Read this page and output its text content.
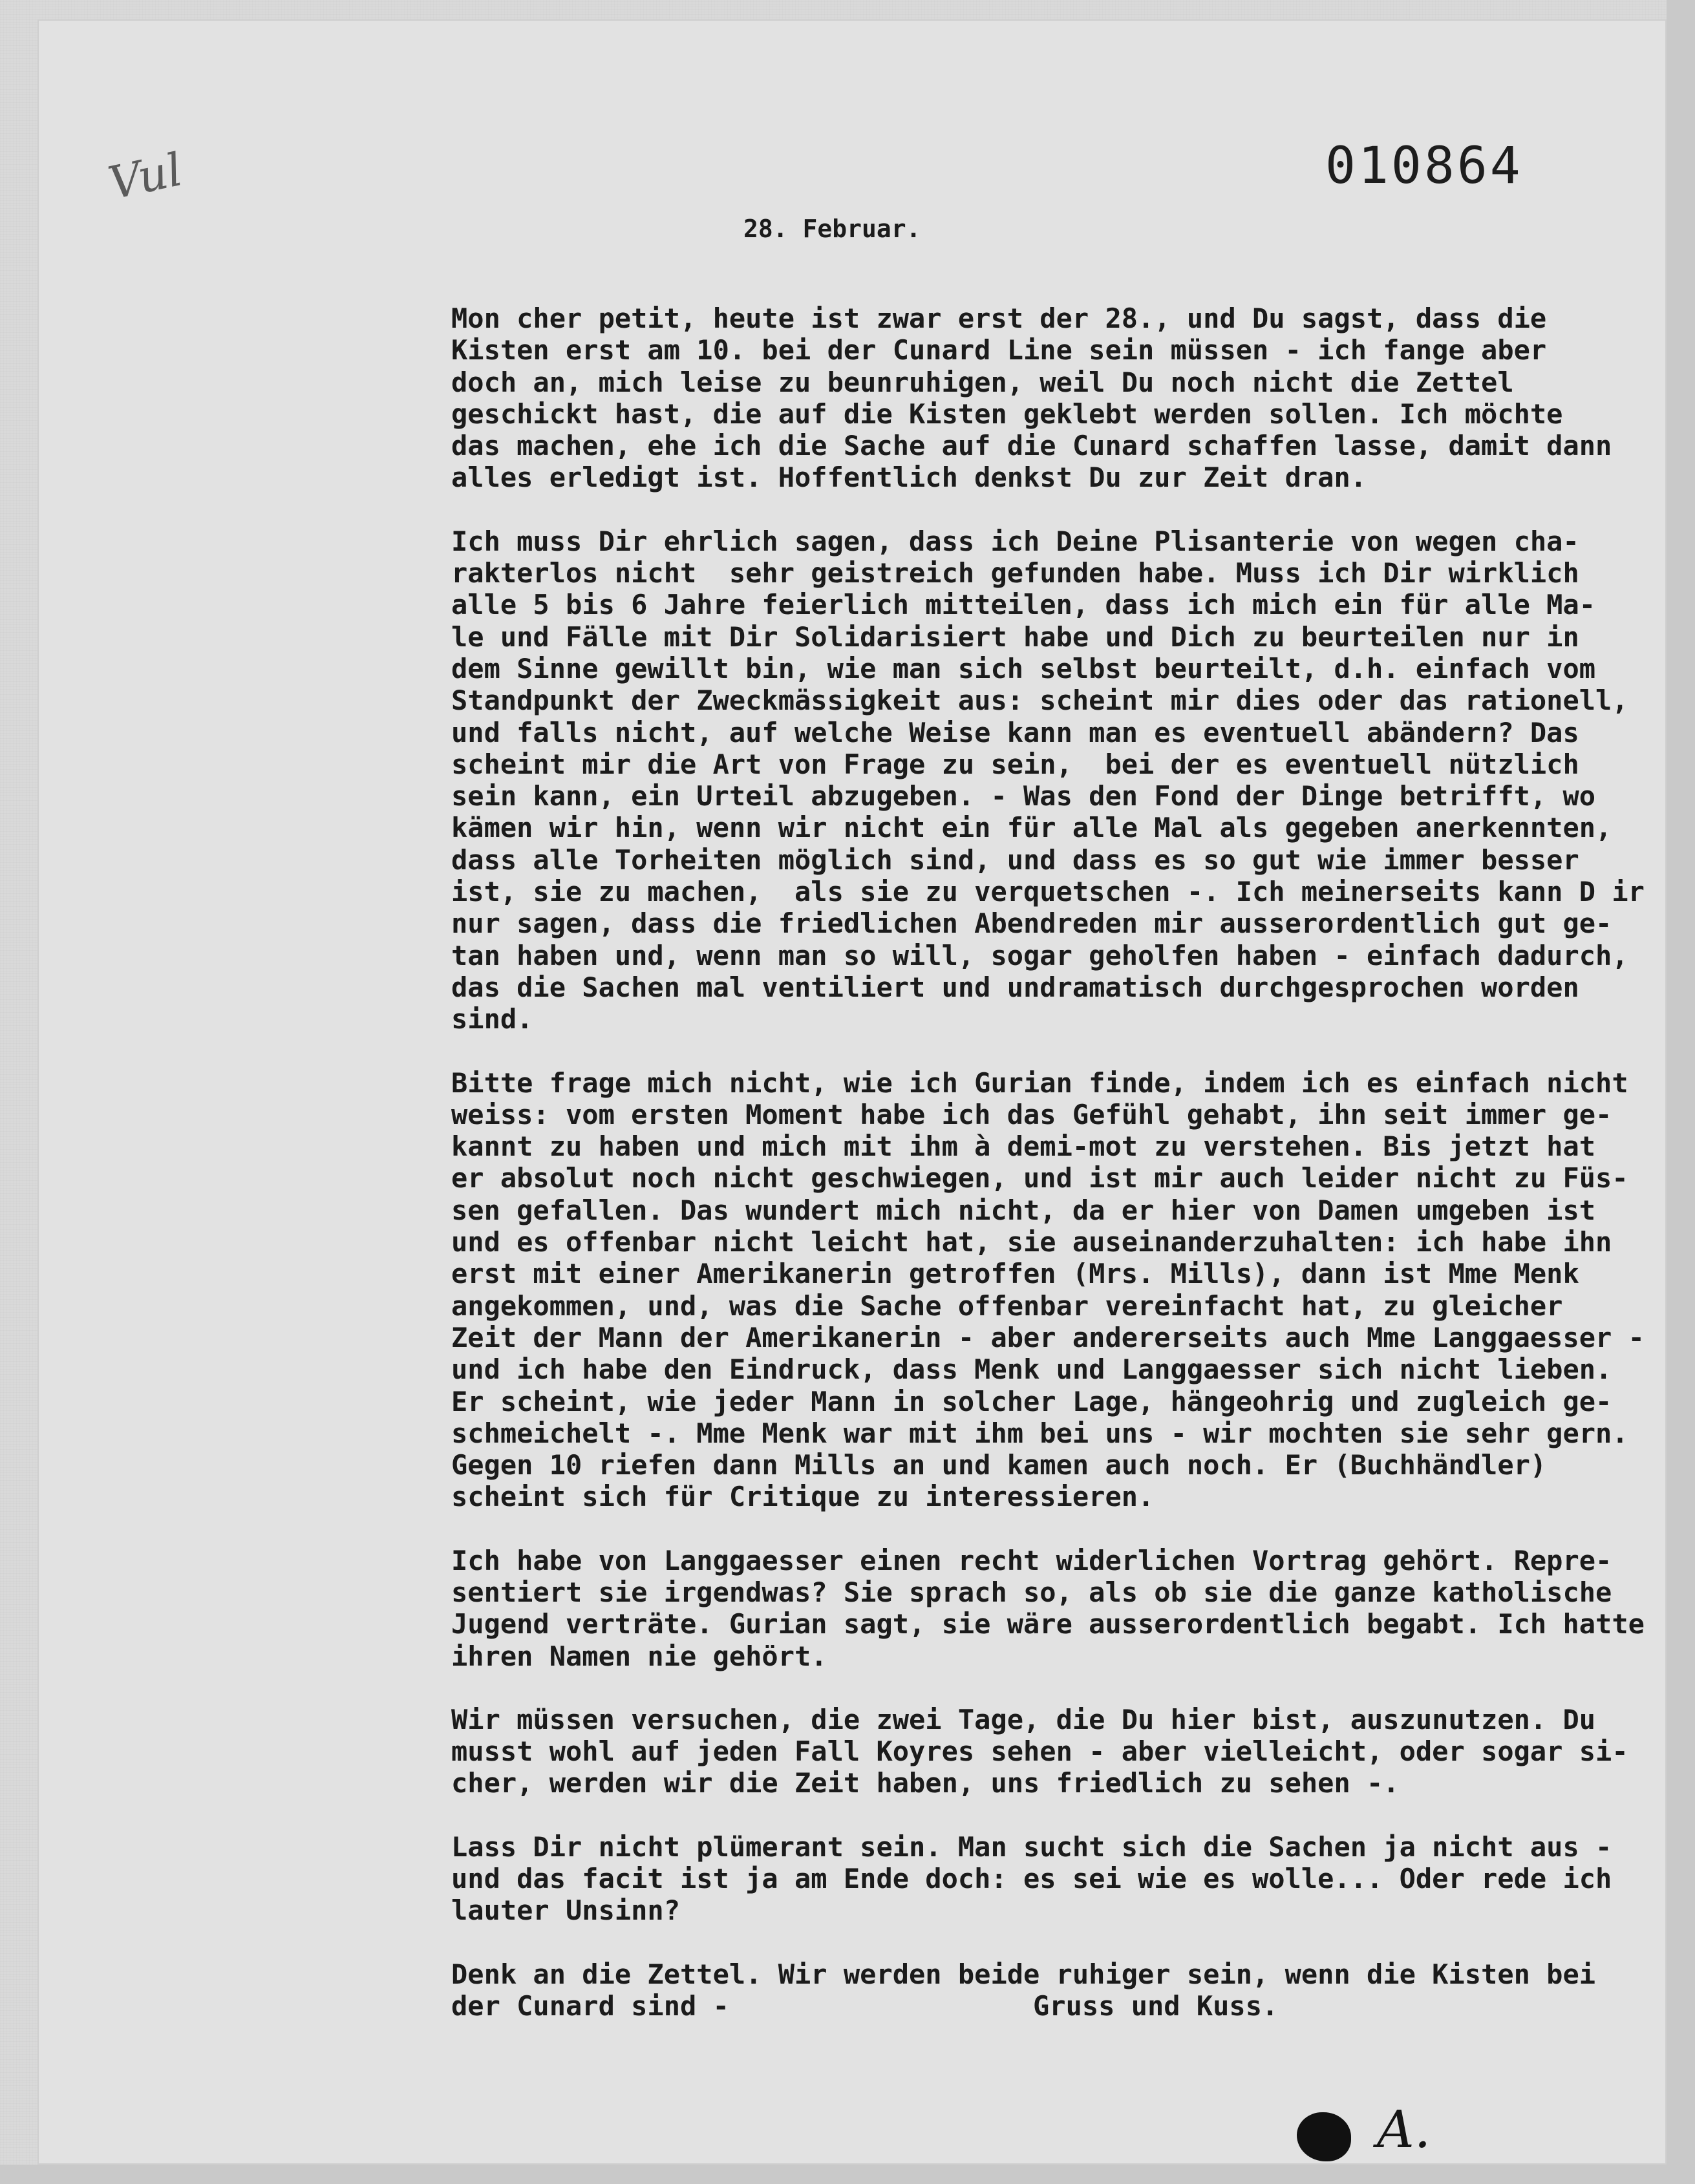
Vul	010864
28. Februar.
Mon cher petit, heute ist zwar erst der 28., und Du sagst, dass die
Kisten erst am 10. bei der Cunard Line sein müssen - ich fange aber
doch an, mich leise zu beunruhigen, weil Du noch nicht die Zettel
geschickt hast, die auf die Kisten geklebt werden sollen. Ich möchte
das machen, ehe ich die Sache auf die Cunard schaffen lasse, damit dann
alles erledigt ist. Hoffentlich denkst Du zur Zeit dran.
Ich muss Dir ehrlich sagen, dass ich Deine Plisanterie von wegen cha-
rakterlos nicht  sehr geistreich gefunden habe. Muss ich Dir wirklich
alle 5 bis 6 Jahre feierlich mitteilen, dass ich mich ein für alle Ma-
le und Fälle mit Dir Solidarisiert habe und Dich zu beurteilen nur in
dem Sinne gewillt bin, wie man sich selbst beurteilt, d.h. einfach vom
Standpunkt der Zweckmässigkeit aus: scheint mir dies oder das rationell,
und falls nicht, auf welche Weise kann man es eventuell abändern? Das
scheint mir die Art von Frage zu sein,  bei der es eventuell nützlich
sein kann, ein Urteil abzugeben. - Was den Fond der Dinge betrifft, wo
kämen wir hin, wenn wir nicht ein für alle Mal als gegeben anerkennten,
dass alle Torheiten möglich sind, und dass es so gut wie immer besser
ist, sie zu machen,  als sie zu verquetschen -. Ich meinerseits kann D ir
nur sagen, dass die friedlichen Abendreden mir ausserordentlich gut ge-
tan haben und, wenn man so will, sogar geholfen haben - einfach dadurch,
das die Sachen mal ventiliert und undramatisch durchgesprochen worden
sind.
Bitte frage mich nicht, wie ich Gurian finde, indem ich es einfach nicht
weiss: vom ersten Moment habe ich das Gefühl gehabt, ihn seit immer ge-
kannt zu haben und mich mit ihm à demi-mot zu verstehen. Bis jetzt hat
er absolut noch nicht geschwiegen, und ist mir auch leider nicht zu Füs-
sen gefallen. Das wundert mich nicht, da er hier von Damen umgeben ist
und es offenbar nicht leicht hat, sie auseinanderzuhalten: ich habe ihn
erst mit einer Amerikanerin getroffen (Mrs. Mills), dann ist Mme Menk
angekommen, und, was die Sache offenbar vereinfacht hat, zu gleicher
Zeit der Mann der Amerikanerin - aber andererseits auch Mme Langgaesser -
und ich habe den Eindruck, dass Menk und Langgaesser sich nicht lieben.
Er scheint, wie jeder Mann in solcher Lage, hängeohrig und zugleich ge-
schmeichelt -. Mme Menk war mit ihm bei uns - wir mochten sie sehr gern.
Gegen 10 riefen dann Mills an und kamen auch noch. Er (Buchhändler)
scheint sich für Critique zu interessieren.
Ich habe von Langgaesser einen recht widerlichen Vortrag gehört. Repre-
sentiert sie irgendwas? Sie sprach so, als ob sie die ganze katholische
Jugend verträte. Gurian sagt, sie wäre ausserordentlich begabt. Ich hatte
ihren Namen nie gehört.
Wir müssen versuchen, die zwei Tage, die Du hier bist, auszunutzen. Du
musst wohl auf jeden Fall Koyres sehen - aber vielleicht, oder sogar si-
cher, werden wir die Zeit haben, uns friedlich zu sehen -.
Lass Dir nicht plümerant sein. Man sucht sich die Sachen ja nicht aus -
und das facit ist ja am Ende doch: es sei wie es wolle... Oder rede ich
lauter Unsinn?
Denk an die Zettel. Wir werden beide ruhiger sein, wenn die Kisten bei
der Cunard sind -	Gruss und Kuss.
A.
